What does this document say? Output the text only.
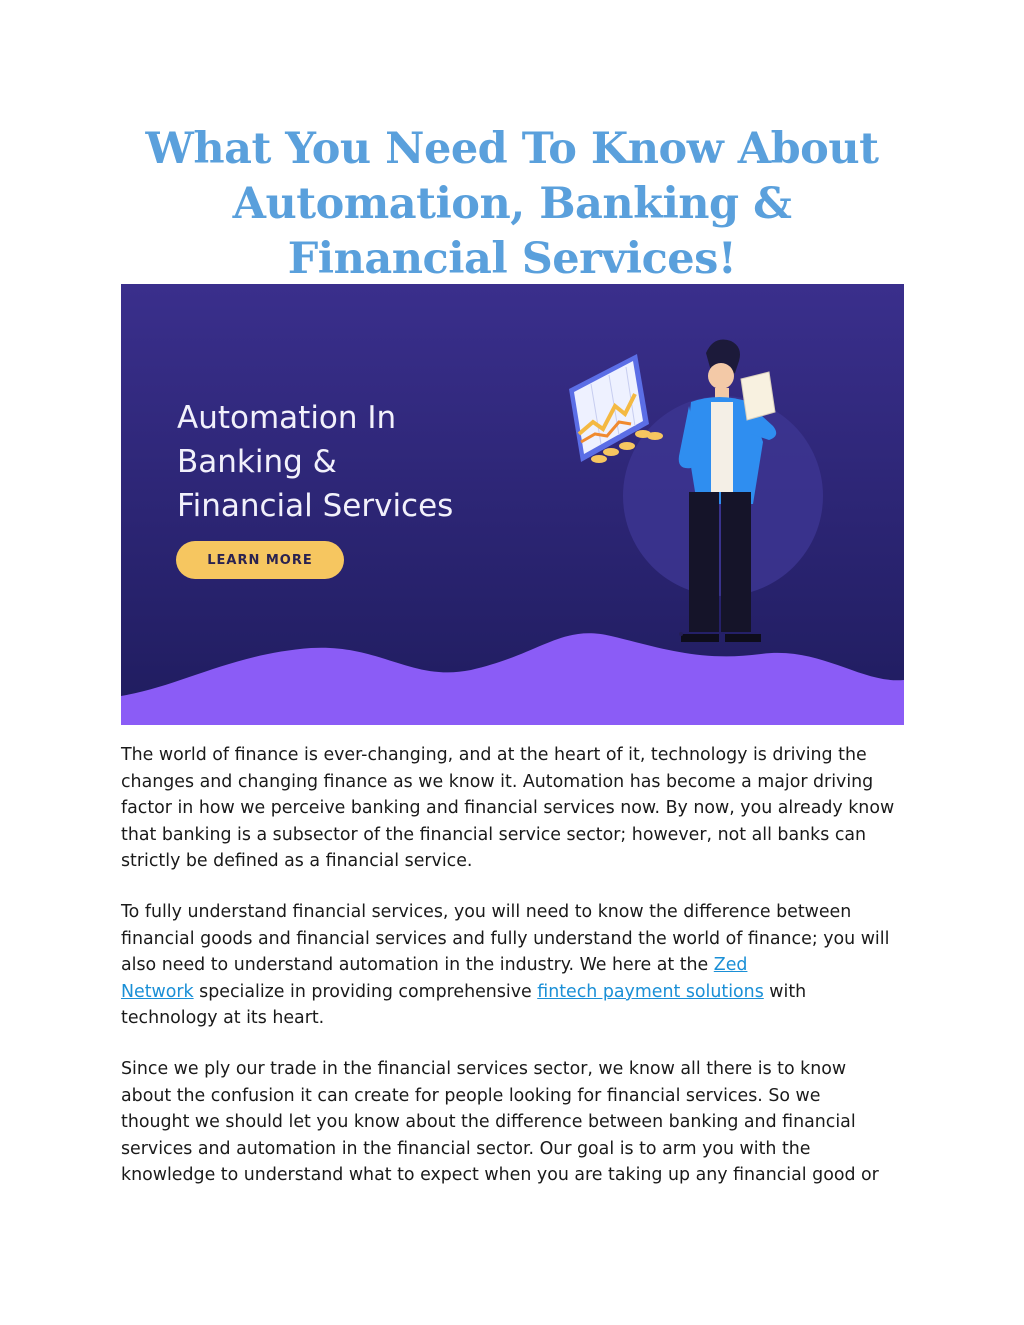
What You Need To Know About
Automation, Banking &
Financial Services!
Automation In
Banking &
Financial Services
LEARN MORE

The world of finance is ever-changing, and at the heart of it, technology is driving the
changes and changing finance as we know it. Automation has become a major driving
factor in how we perceive banking and financial services now. By now, you already know
that banking is a subsector of the financial service sector; however, not all banks can
strictly be defined as a financial service.

To fully understand financial services, you will need to know the difference between
financial goods and financial services and fully understand the world of finance; you will
also need to understand automation in the industry. We here at the Zed
Network specialize in providing comprehensive fintech payment solutions with
technology at its heart.

Since we ply our trade in the financial services sector, we know all there is to know
about the confusion it can create for people looking for financial services. So we
thought we should let you know about the difference between banking and financial
services and automation in the financial sector. Our goal is to arm you with the
knowledge to understand what to expect when you are taking up any financial good or
